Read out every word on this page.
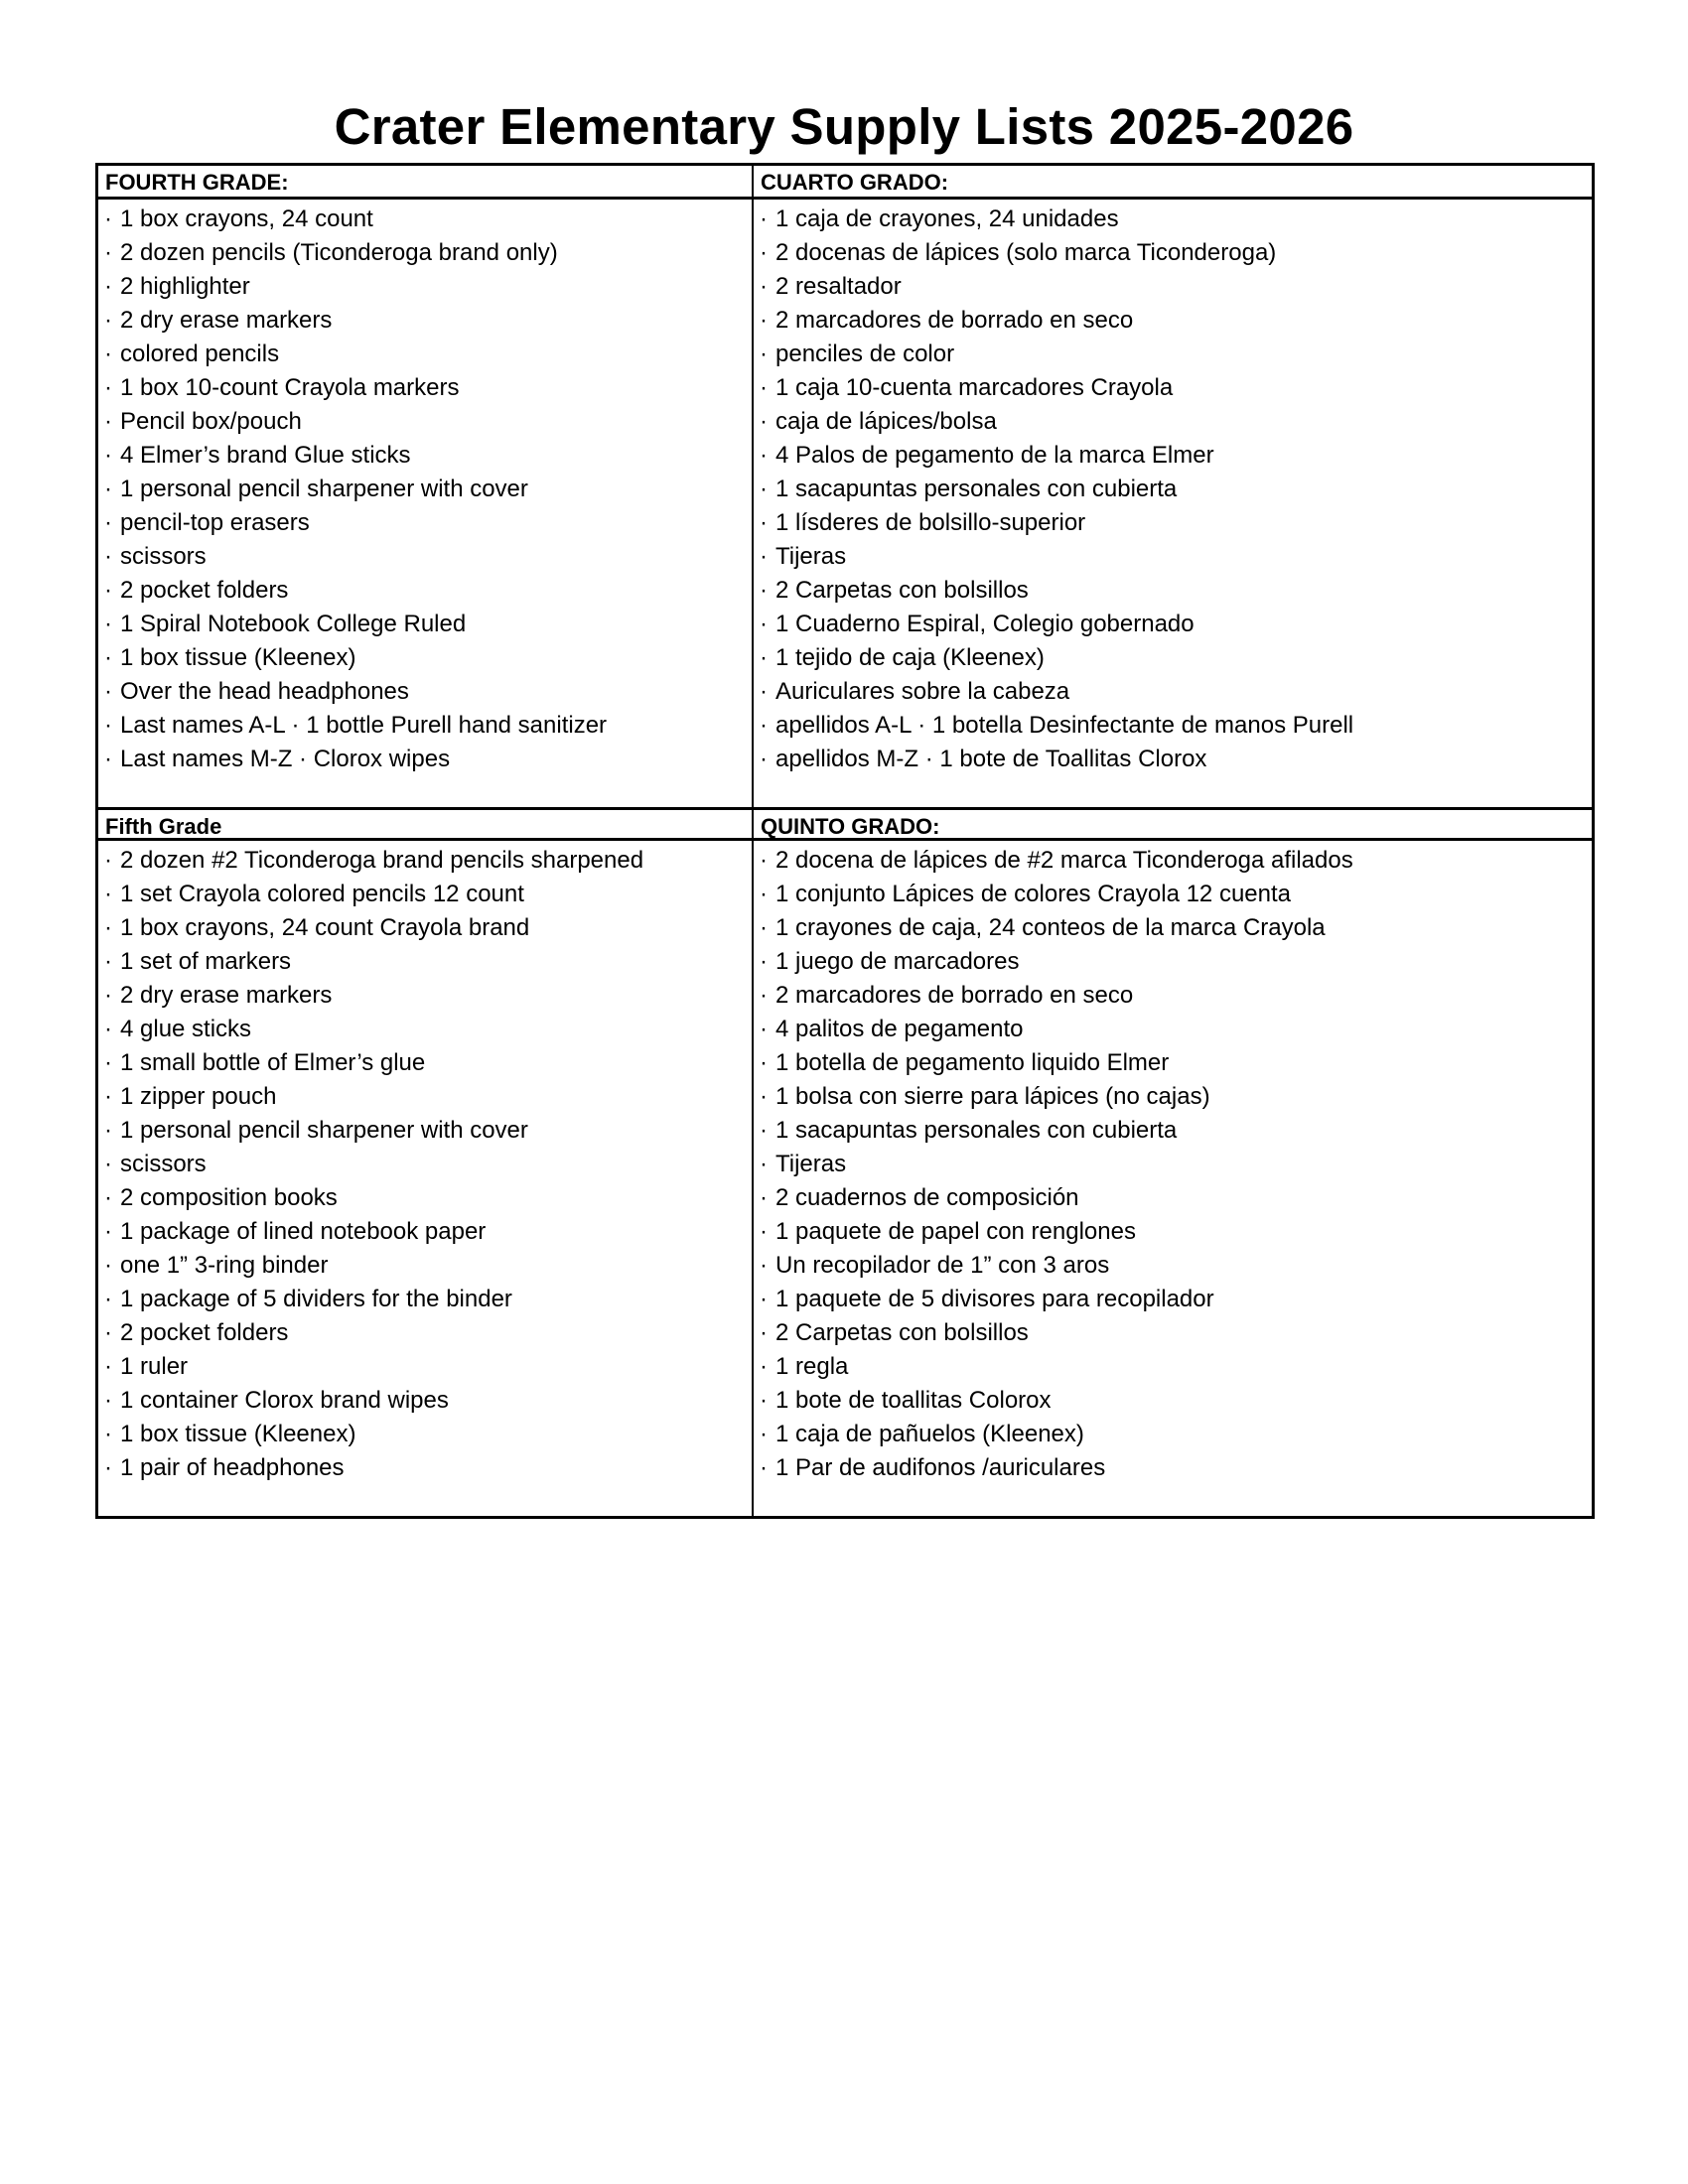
Crater Elementary Supply Lists 2025-2026
FOURTH GRADE:	CUARTO GRADO:
· 1 box crayons, 24 count
· 2 dozen pencils (Ticonderoga brand only)
· 2 highlighter
· 2 dry erase markers
· colored pencils
· 1 box 10-count Crayola markers
· Pencil box/pouch
· 4 Elmer’s brand Glue sticks
· 1 personal pencil sharpener with cover
· pencil-top erasers
· scissors
· 2 pocket folders
· 1 Spiral Notebook College Ruled
· 1 box tissue (Kleenex)
· Over the head headphones
· Last names A-L · 1 bottle Purell hand sanitizer
· Last names M-Z · Clorox wipes
· 1 caja de crayones, 24 unidades
· 2 docenas de lápices (solo marca Ticonderoga)
· 2 resaltador
· 2 marcadores de borrado en seco
· penciles de color
· 1 caja 10-cuenta marcadores Crayola
· caja de lápices/bolsa
· 4 Palos de pegamento de la marca Elmer
· 1 sacapuntas personales con cubierta
· 1 lísderes de bolsillo-superior
· Tijeras
· 2 Carpetas con bolsillos
· 1 Cuaderno Espiral, Colegio gobernado
· 1 tejido de caja (Kleenex)
· Auriculares sobre la cabeza
· apellidos A-L · 1 botella Desinfectante de manos Purell
· apellidos M-Z · 1 bote de Toallitas Clorox
Fifth Grade	QUINTO GRADO:
· 2 dozen #2 Ticonderoga brand pencils sharpened
· 1 set Crayola colored pencils 12 count
· 1 box crayons, 24 count Crayola brand
· 1 set of markers
· 2 dry erase markers
· 4 glue sticks
· 1 small bottle of Elmer’s glue
· 1 zipper pouch
· 1 personal pencil sharpener with cover
· scissors
· 2 composition books
· 1 package of lined notebook paper
· one 1” 3-ring binder
· 1 package of 5 dividers for the binder
· 2 pocket folders
· 1 ruler
· 1 container Clorox brand wipes
· 1 box tissue (Kleenex)
· 1 pair of headphones
· 2 docena de lápices de #2 marca Ticonderoga afilados
· 1 conjunto Lápices de colores Crayola 12 cuenta
· 1 crayones de caja, 24 conteos de la marca Crayola
· 1 juego de marcadores
· 2 marcadores de borrado en seco
· 4 palitos de pegamento
· 1 botella de pegamento liquido Elmer
· 1 bolsa con sierre para lápices (no cajas)
· 1 sacapuntas personales con cubierta
· Tijeras
· 2 cuadernos de composición
· 1 paquete de papel con renglones
· Un recopilador de 1” con 3 aros
· 1 paquete de 5 divisores para recopilador
· 2 Carpetas con bolsillos
· 1 regla
· 1 bote de toallitas Colorox
· 1 caja de pañuelos (Kleenex)
· 1 Par de audifonos /auriculares
